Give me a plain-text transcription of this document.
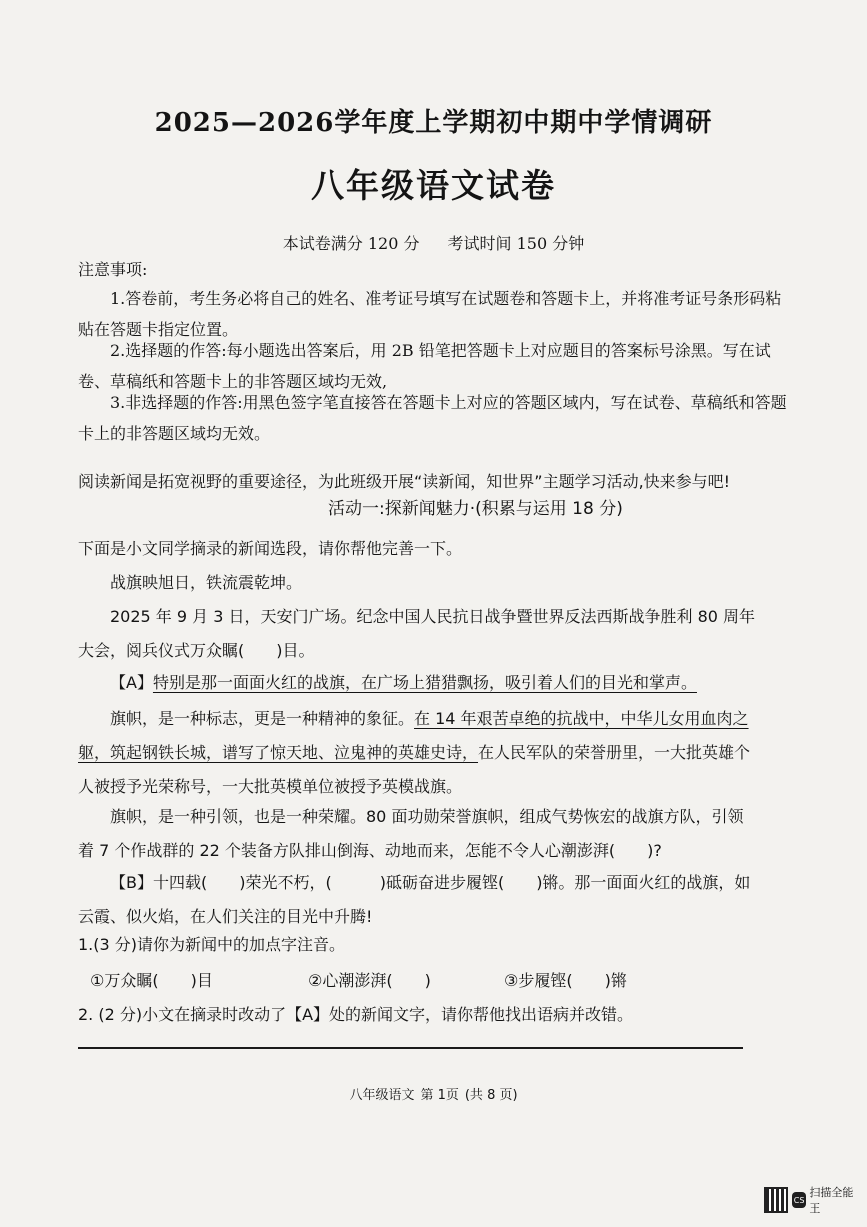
2025—2026学年度上学期初中期中学情调研
八年级语文试卷
本试卷满分 120 分 考试时间 150 分钟
注意事项:
1.答卷前，考生务必将自己的姓名、准考证号填写在试题卷和答题卡上，并将准考证号条形码粘贴在答题卡指定位置。
2.选择题的作答:每小题选出答案后，用 2B 铅笔把答题卡上对应题目的答案标号涂黑。写在试卷、草稿纸和答题卡上的非答题区域均无效,
3.非选择题的作答:用黑色签字笔直接答在答题卡上对应的答题区域内，写在试卷、草稿纸和答题卡上的非答题区域均无效。
阅读新闻是拓宽视野的重要途径，为此班级开展“读新闻，知世界”主题学习活动,快来参与吧!
活动一:探新闻魅力·(积累与运用 18 分)
下面是小文同学摘录的新闻选段，请你帮他完善一下。
战旗映旭日，铁流震乾坤。
2025 年 9 月 3 日，天安门广场。纪念中国人民抗日战争暨世界反法西斯战争胜利 80 周年大会，阅兵仪式万众瞩(　　)目。
【A】特别是那一面面火红的战旗，在广场上猎猎飘扬，吸引着人们的目光和掌声。
旗帜，是一种标志，更是一种精神的象征。在 14 年艰苦卓绝的抗战中，中华儿女用血肉之躯，筑起钢铁长城，谱写了惊天地、泣鬼神的英雄史诗，在人民军队的荣誉册里，一大批英雄个人被授予光荣称号，一大批英模单位被授予英模战旗。
旗帜，是一种引领，也是一种荣耀。80 面功勋荣誉旗帜，组成气势恢宏的战旗方队，引领着 7 个作战群的 22 个装备方队排山倒海、动地而来，怎能不令人心潮澎湃(　　)?
【B】十四载(　　)荣光不朽，(　　　)砥砺奋进步履铿(　　)锵。那一面面火红的战旗，如云霞、似火焰，在人们关注的目光中升腾!
1.(3 分)请你为新闻中的加点字注音。
①万众瞩(　　)目	②心潮澎湃(　　)	③步履铿(　　)锵
2. (2 分)小文在摘录时改动了【A】处的新闻文字，请你帮他找出语病并改错。
八年级语文 第 1页 (共 8 页)
CS
扫描全能王
